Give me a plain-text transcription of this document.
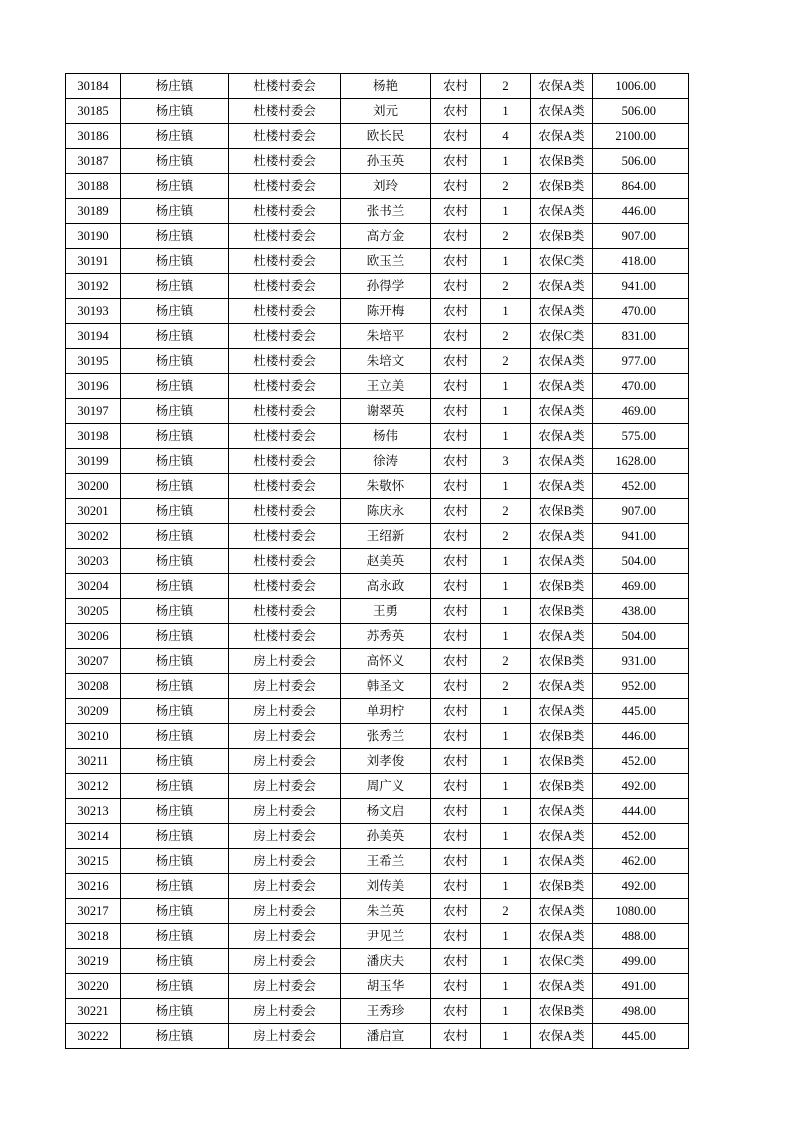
30184	杨庄镇	杜楼村委会	杨艳	农村	2	农保A类	1006.00
30185	杨庄镇	杜楼村委会	刘元	农村	1	农保A类	506.00
30186	杨庄镇	杜楼村委会	欧长民	农村	4	农保A类	2100.00
30187	杨庄镇	杜楼村委会	孙玉英	农村	1	农保B类	506.00
30188	杨庄镇	杜楼村委会	刘玲	农村	2	农保B类	864.00
30189	杨庄镇	杜楼村委会	张书兰	农村	1	农保A类	446.00
30190	杨庄镇	杜楼村委会	高方金	农村	2	农保B类	907.00
30191	杨庄镇	杜楼村委会	欧玉兰	农村	1	农保C类	418.00
30192	杨庄镇	杜楼村委会	孙得学	农村	2	农保A类	941.00
30193	杨庄镇	杜楼村委会	陈开梅	农村	1	农保A类	470.00
30194	杨庄镇	杜楼村委会	朱培平	农村	2	农保C类	831.00
30195	杨庄镇	杜楼村委会	朱培文	农村	2	农保A类	977.00
30196	杨庄镇	杜楼村委会	王立美	农村	1	农保A类	470.00
30197	杨庄镇	杜楼村委会	谢翠英	农村	1	农保A类	469.00
30198	杨庄镇	杜楼村委会	杨伟	农村	1	农保A类	575.00
30199	杨庄镇	杜楼村委会	徐涛	农村	3	农保A类	1628.00
30200	杨庄镇	杜楼村委会	朱敬怀	农村	1	农保A类	452.00
30201	杨庄镇	杜楼村委会	陈庆永	农村	2	农保B类	907.00
30202	杨庄镇	杜楼村委会	王绍新	农村	2	农保A类	941.00
30203	杨庄镇	杜楼村委会	赵美英	农村	1	农保A类	504.00
30204	杨庄镇	杜楼村委会	高永政	农村	1	农保B类	469.00
30205	杨庄镇	杜楼村委会	王勇	农村	1	农保B类	438.00
30206	杨庄镇	杜楼村委会	苏秀英	农村	1	农保A类	504.00
30207	杨庄镇	房上村委会	高怀义	农村	2	农保B类	931.00
30208	杨庄镇	房上村委会	韩圣文	农村	2	农保A类	952.00
30209	杨庄镇	房上村委会	单玥柠	农村	1	农保A类	445.00
30210	杨庄镇	房上村委会	张秀兰	农村	1	农保B类	446.00
30211	杨庄镇	房上村委会	刘孝俊	农村	1	农保B类	452.00
30212	杨庄镇	房上村委会	周广义	农村	1	农保B类	492.00
30213	杨庄镇	房上村委会	杨文启	农村	1	农保A类	444.00
30214	杨庄镇	房上村委会	孙美英	农村	1	农保A类	452.00
30215	杨庄镇	房上村委会	王希兰	农村	1	农保A类	462.00
30216	杨庄镇	房上村委会	刘传美	农村	1	农保B类	492.00
30217	杨庄镇	房上村委会	朱兰英	农村	2	农保A类	1080.00
30218	杨庄镇	房上村委会	尹见兰	农村	1	农保A类	488.00
30219	杨庄镇	房上村委会	潘庆夫	农村	1	农保C类	499.00
30220	杨庄镇	房上村委会	胡玉华	农村	1	农保A类	491.00
30221	杨庄镇	房上村委会	王秀珍	农村	1	农保B类	498.00
30222	杨庄镇	房上村委会	潘启宣	农村	1	农保A类	445.00
